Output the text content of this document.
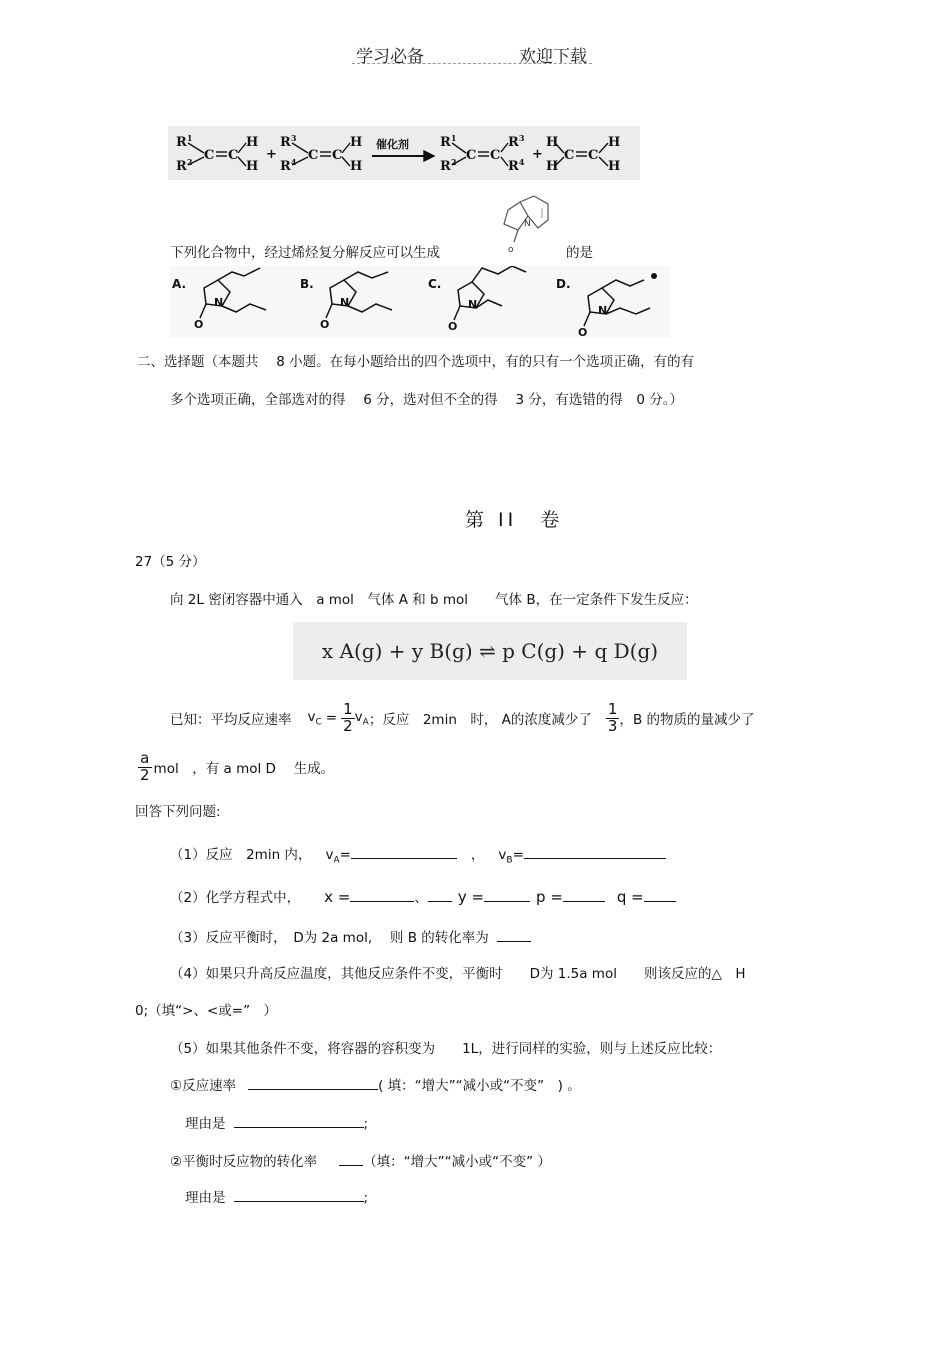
学习必备	欢迎下载
$R^1$
$R^2$ C C
H
H
+
$R^3$
$R^4$ C C
H
H
催化剂 $R^1$
$R^2$ C C
$R^3$
$R^4$ +
H
H
C C
H
H
下列化合物中，经过烯烃复分解反应可以生成	o
N
的是
A.	B.	C.	D.
N
O
N
O
N
O
N
O
二、选择题（本题共　 8 小题。在每小题给出的四个选项中，有的只有一个选项正确，有的有
多个选项正确，全部选对的得　 6 分，选对但不全的得　 3 分，有选错的得　0 分。）
第 II　卷
27（5 分）
向 2L 密闭容器中通入　a mol　气体 A 和 b mol　　气体 B，在一定条件下发生反应：
x A(g) + y B(g) ⇌ p C(g) + q D(g)
已知：平均反应速率 $v_C = \frac{1}{2} v_A$ ；反应　2min　时， A的浓度减少了 $\frac{1}{3}$ ，B 的物质的量减少了
$\frac{a}{2}$ mol　，有 a mol D　 生成。
回答下列问题:
（1）反应　2min 内， $v_A$ =	， $v_B$ =
（2）化学方程式中， x =	、 y =	p =	q =
（3）反应平衡时，　D为 2a mol,　 则 B 的转化率为
（4）如果只升高反应温度，其他反应条件不变，平衡时　　D为 1.5a mol　　则该反应的△　H
0;（填“>、<或=”　）
（5）如果其他条件不变，将容器的容积变为　　1L，进行同样的实验，则与上述反应比较：
①反应速率	( 填：“增大”“减小或“不变”　) 。
理由是	;
②平衡时反应物的转化率	（填：“增大”“减小或“不变” ）
理由是	;
